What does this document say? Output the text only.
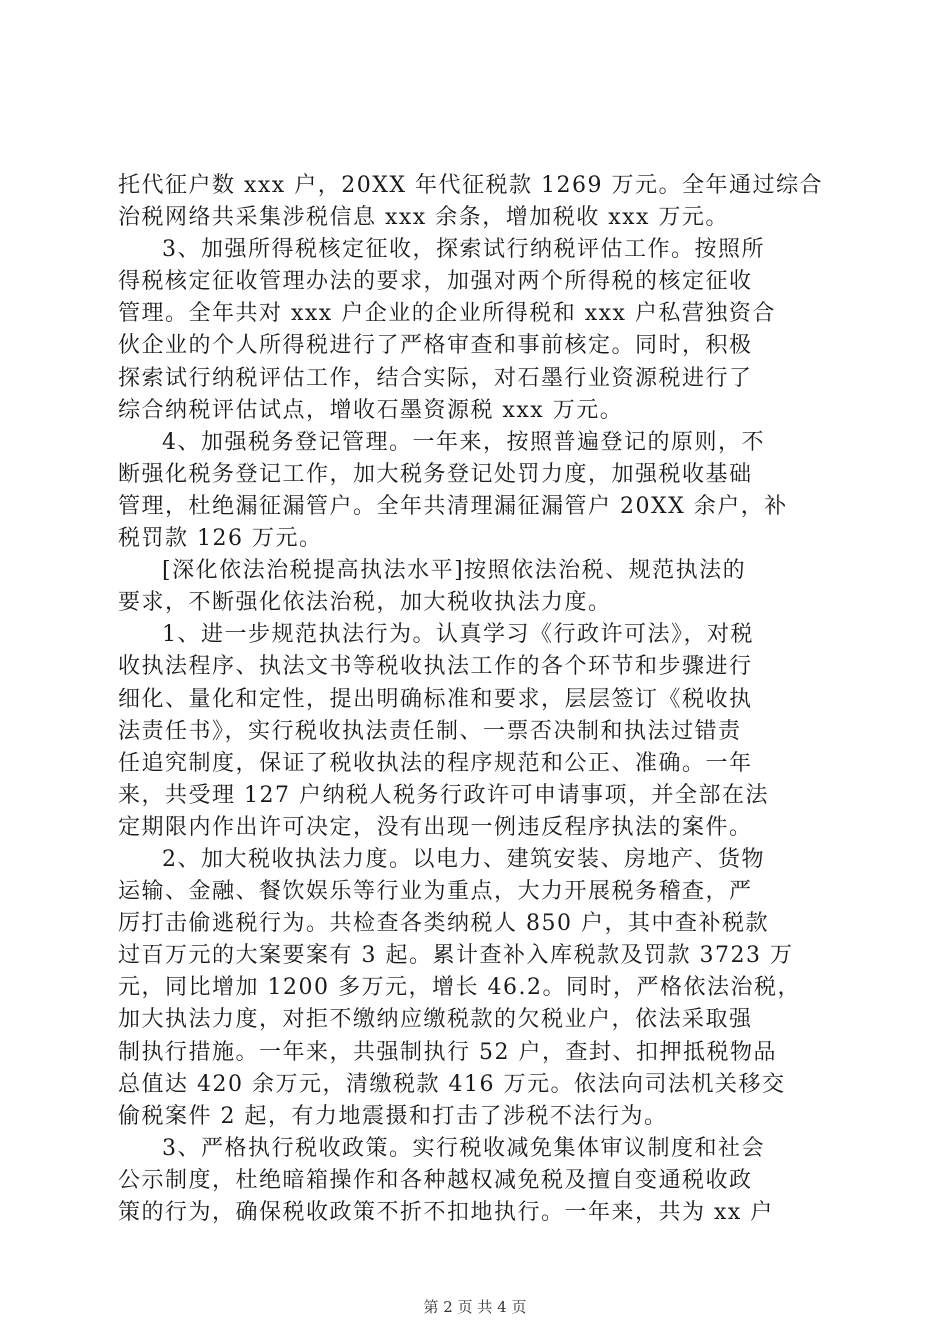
托代征户数 xxx 户，20XX 年代征税款 1269 万元。全年通过综合
治税网络共采集涉税信息 xxx 余条，增加税收 xxx 万元。
3、加强所得税核定征收，探索试行纳税评估工作。按照所
得税核定征收管理办法的要求，加强对两个所得税的核定征收
管理。全年共对 xxx 户企业的企业所得税和 xxx 户私营独资合
伙企业的个人所得税进行了严格审查和事前核定。同时，积极
探索试行纳税评估工作，结合实际，对石墨行业资源税进行了
综合纳税评估试点，增收石墨资源税 xxx 万元。
4、加强税务登记管理。一年来，按照普遍登记的原则，不
断强化税务登记工作，加大税务登记处罚力度，加强税收基础
管理，杜绝漏征漏管户。全年共清理漏征漏管户 20XX 余户，补
税罚款 126 万元。
[深化依法治税提高执法水平]按照依法治税、规范执法的
要求，不断强化依法治税，加大税收执法力度。
1、进一步规范执法行为。认真学习《行政许可法》，对税
收执法程序、执法文书等税收执法工作的各个环节和步骤进行
细化、量化和定性，提出明确标准和要求，层层签订《税收执
法责任书》，实行税收执法责任制、一票否决制和执法过错责
任追究制度，保证了税收执法的程序规范和公正、准确。一年
来，共受理 127 户纳税人税务行政许可申请事项，并全部在法
定期限内作出许可决定，没有出现一例违反程序执法的案件。
2、加大税收执法力度。以电力、建筑安装、房地产、货物
运输、金融、餐饮娱乐等行业为重点，大力开展税务稽查，严
厉打击偷逃税行为。共检查各类纳税人 850 户，其中查补税款
过百万元的大案要案有 3 起。累计查补入库税款及罚款 3723 万
元，同比增加 1200 多万元，增长 46.2。同时，严格依法治税，
加大执法力度，对拒不缴纳应缴税款的欠税业户，依法采取强
制执行措施。一年来，共强制执行 52 户，查封、扣押抵税物品
总值达 420 余万元，清缴税款 416 万元。依法向司法机关移交
偷税案件 2 起，有力地震摄和打击了涉税不法行为。
3、严格执行税收政策。实行税收减免集体审议制度和社会
公示制度，杜绝暗箱操作和各种越权减免税及擅自变通税收政
策的行为，确保税收政策不折不扣地执行。一年来，共为 xx 户
第 2 页 共 4 页
